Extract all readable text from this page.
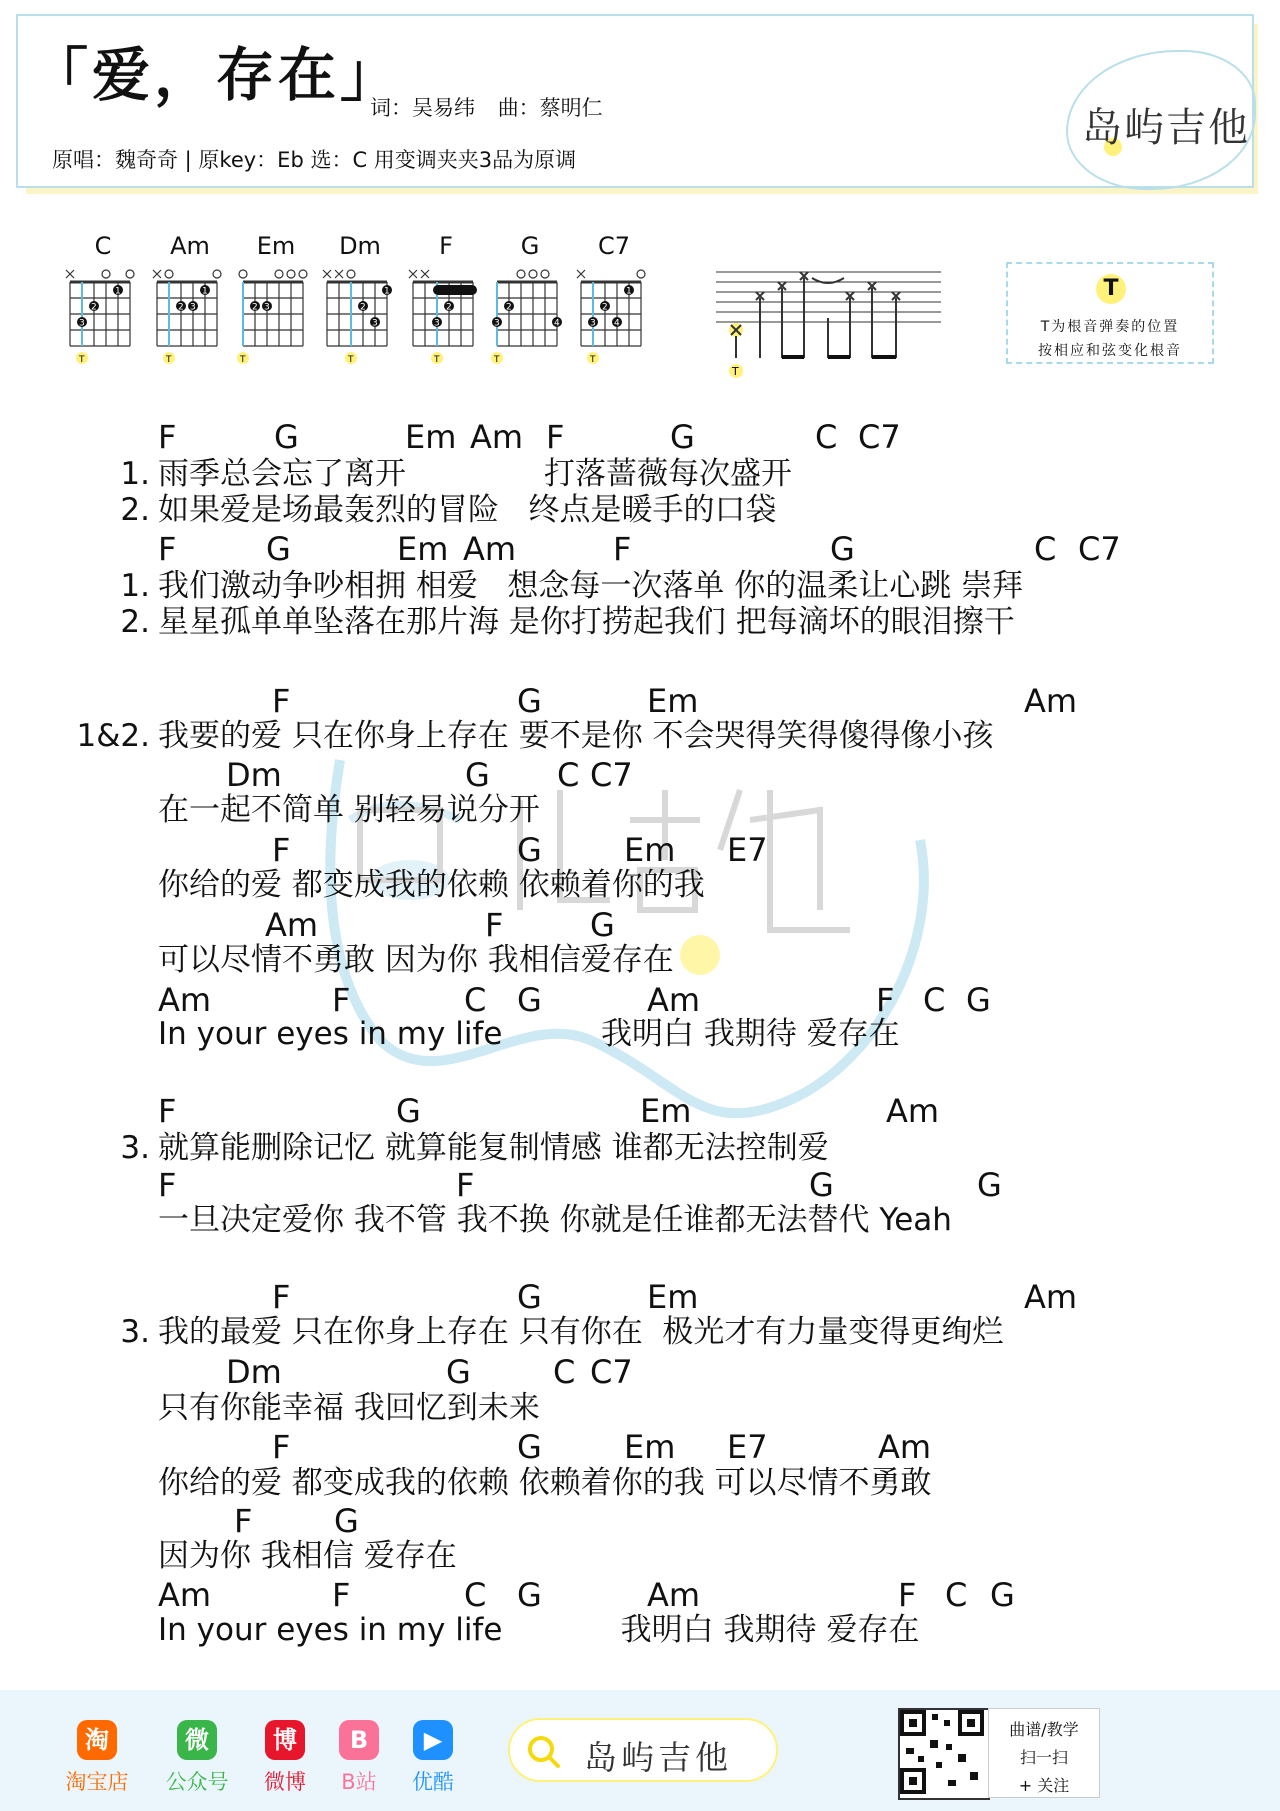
「爱，存在」
词：吴易纬 曲：蔡明仁
原唱：魏奇奇 | 原key：Eb 选：C 用变调夹夹3品为原调
岛屿吉他
C
3
2
1
T
Am
2 3
1
T
Em
2 3
T
Dm
2
3
1
T
F
3
2
T
G
3
2
4
T
C7
3
2
4
1
T
T
T
T为根音弹奏的位置
按相应和弦变化根音
F	G	Em Am F	G	C C7
1. 雨季总会忘了离开              打落蔷薇每次盛开
2. 如果爱是场最轰烈的冒险   终点是暖手的口袋
F	G	Em Am	F	G	C C7
1. 我们激动争吵相拥 相爱   想念每一次落单 你的温柔让心跳 崇拜
2. 星星孤单单坠落在那片海 是你打捞起我们 把每滴坏的眼泪擦干
F	G	Em	Am
1&2. 我要的爱 只在你身上存在 要不是你 不会哭得笑得傻得像小孩
Dm	G C C7
在一起不简单 别轻易说分开
F	G	Em E7
你给的爱 都变成我的依赖 依赖着你的我
Am	F	G
可以尽情不勇敢 因为你 我相信爱存在
Am	F	C G	Am	F C G
In your eyes in my life          我明白 我期待 爱存在
F	G	Em	Am
3. 就算能删除记忆 就算能复制情感 谁都无法控制爱
F	F	G	G
一旦决定爱你 我不管 我不换 你就是任谁都无法替代 Yeah
F	G	Em	Am
3. 我的最爱 只在你身上存在 只有你在  极光才有力量变得更绚烂
Dm	G	C C7
只有你能幸福 我回忆到未来
F	G	Em E7	Am
你给的爱 都变成我的依赖 依赖着你的我 可以尽情不勇敢
F	G
因为你 我相信 爱存在
Am	F	C G	Am	F C G
In your eyes in my life            我明白 我期待 爱存在
淘
淘宝店
微
公众号
博
微博
B
B站
▶
优酷
岛屿吉他
曲谱/教学
扫一扫
+ 关注
